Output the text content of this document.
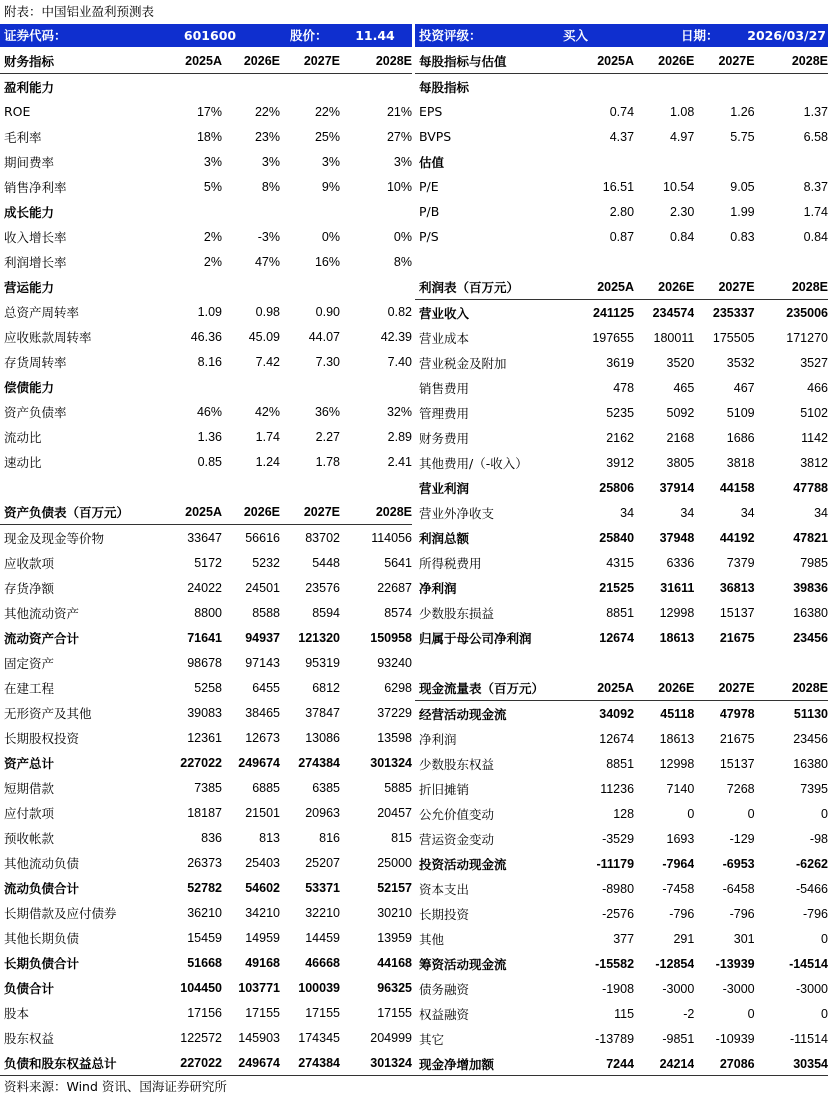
附表：中国铝业盈利预测表
证券代码：	601600	股价：	11.44	投资评级：	买入	日期： 2026/03/27
财务指标	2025A	2026E	2027E	2028E
盈利能力				
ROE	17%	22%	22%	21%
毛利率	18%	23%	25%	27%
期间费率	3%	3%	3%	3%
销售净利率	5%	8%	9%	10%
成长能力				
收入增长率	2%	-3%	0%	0%
利润增长率	2%	47%	16%	8%
营运能力				
总资产周转率	1.09	0.98	0.90	0.82
应收账款周转率	46.36	45.09	44.07	42.39
存货周转率	8.16	7.42	7.30	7.40
偿债能力				
资产负债率	46%	42%	36%	32%
流动比	1.36	1.74	2.27	2.89
速动比	0.85	1.24	1.78	2.41

资产负债表（百万元）	2025A	2026E	2027E	2028E
现金及现金等价物	33647	56616	83702	114056
应收款项	5172	5232	5448	5641
存货净额	24022	24501	23576	22687
其他流动资产	8800	8588	8594	8574
流动资产合计	71641	94937	121320	150958
固定资产	98678	97143	95319	93240
在建工程	5258	6455	6812	6298
无形资产及其他	39083	38465	37847	37229
长期股权投资	12361	12673	13086	13598
资产总计	227022	249674	274384	301324
短期借款	7385	6885	6385	5885
应付款项	18187	21501	20963	20457
预收帐款	836	813	816	815
其他流动负债	26373	25403	25207	25000
流动负债合计	52782	54602	53371	52157
长期借款及应付债券	36210	34210	32210	30210
其他长期负债	15459	14959	14459	13959
长期负债合计	51668	49168	46668	44168
负债合计	104450	103771	100039	96325
股本	17156	17155	17155	17155
股东权益	122572	145903	174345	204999
负债和股东权益总计	227022	249674	274384	301324
每股指标与估值	2025A	2026E	2027E	2028E
每股指标				
EPS	0.74	1.08	1.26	1.37
BVPS	4.37	4.97	5.75	6.58
估值				
P/E	16.51	10.54	9.05	8.37
P/B	2.80	2.30	1.99	1.74
P/S	0.87	0.84	0.83	0.84

利润表（百万元）	2025A	2026E	2027E	2028E
营业收入	241125	234574	235337	235006
营业成本	197655	180011	175505	171270
营业税金及附加	3619	3520	3532	3527
销售费用	478	465	467	466
管理费用	5235	5092	5109	5102
财务费用	2162	2168	1686	1142
其他费用/（-收入）	3912	3805	3818	3812
营业利润	25806	37914	44158	47788
营业外净收支	34	34	34	34
利润总额	25840	37948	44192	47821
所得税费用	4315	6336	7379	7985
净利润	21525	31611	36813	39836
少数股东损益	8851	12998	15137	16380
归属于母公司净利润	12674	18613	21675	23456

现金流量表（百万元）	2025A	2026E	2027E	2028E
经营活动现金流	34092	45118	47978	51130
净利润	12674	18613	21675	23456
少数股东权益	8851	12998	15137	16380
折旧摊销	11236	7140	7268	7395
公允价值变动	128	0	0	0
营运资金变动	-3529	1693	-129	-98
投资活动现金流	-11179	-7964	-6953	-6262
资本支出	-8980	-7458	-6458	-5466
长期投资	-2576	-796	-796	-796
其他	377	291	301	0
筹资活动现金流	-15582	-12854	-13939	-14514
债务融资	-1908	-3000	-3000	-3000
权益融资	115	-2	0	0
其它	-13789	-9851	-10939	-11514
现金净增加额	7244	24214	27086	30354
资料来源：Wind 资讯、国海证券研究所
